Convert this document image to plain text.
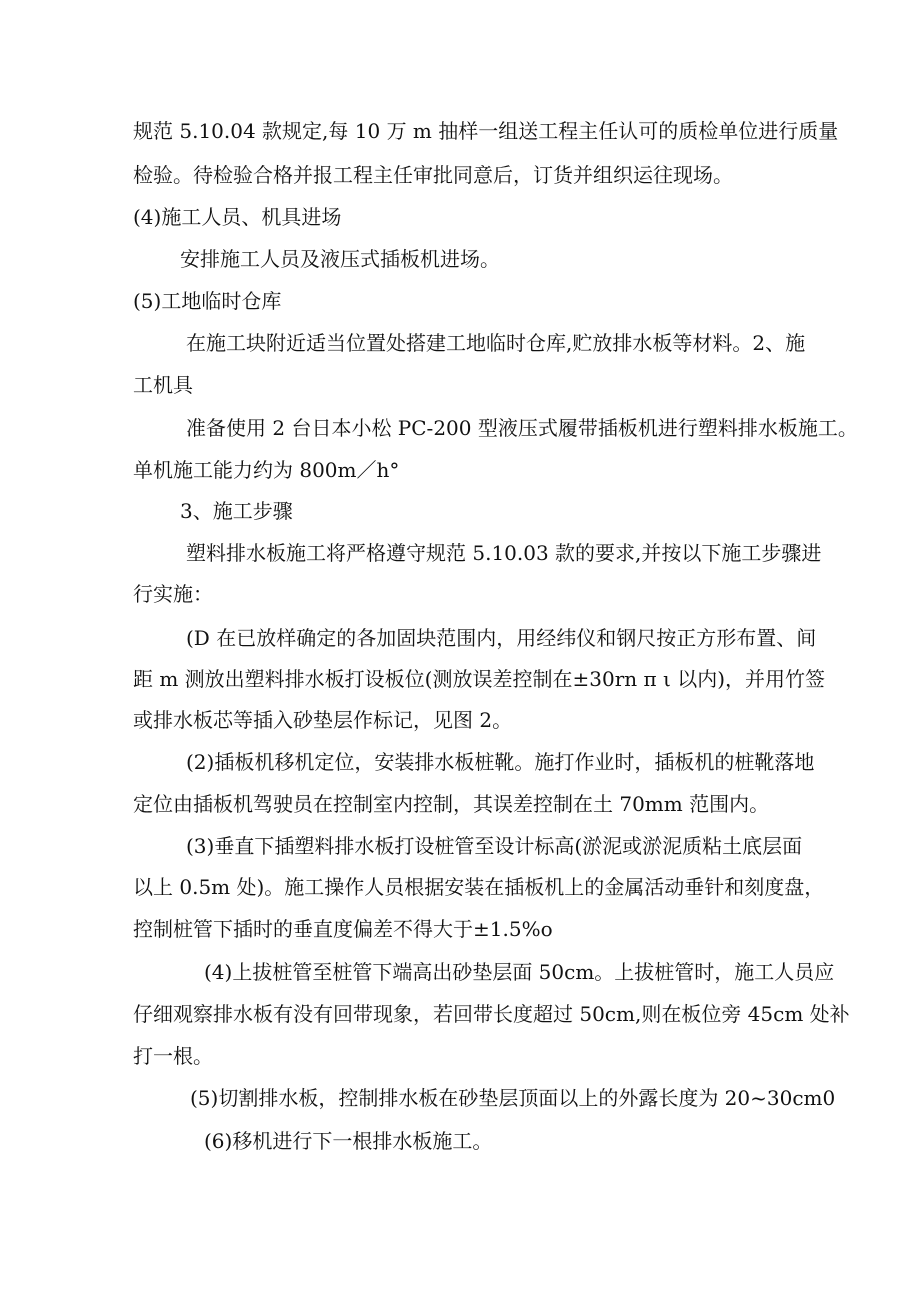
规范 5.10.04 款规定,每 10 万 m 抽样一组送工程主任认可的质检单位进行质量
检验。待检验合格并报工程主任审批同意后，订货并组织运往现场。
(4)施工人员、机具进场
安排施工人员及液压式插板机进场。
(5)工地临时仓库
在施工块附近适当位置处搭建工地临时仓库,贮放排水板等材料。2、施
工机具
准备使用 2 台日本小松 PC-200 型液压式履带插板机进行塑料排水板施工。
单机施工能力约为 800m／h°
3、施工步骤
塑料排水板施工将严格遵守规范 5.10.03 款的要求,并按以下施工步骤进
行实施：
(D 在已放样确定的各加固块范围内，用经纬仪和钢尺按正方形布置、间
距 m 测放出塑料排水板打设板位(测放误差控制在±30rn π ι 以内)，并用竹签
或排水板芯等插入砂垫层作标记，见图 2。
(2)插板机移机定位，安装排水板桩靴。施打作业时，插板机的桩靴落地
定位由插板机驾驶员在控制室内控制，其误差控制在土 70mm 范围内。
(3)垂直下插塑料排水板打设桩管至设计标高(淤泥或淤泥质粘土底层面
以上 0.5m 处)。施工操作人员根据安装在插板机上的金属活动垂针和刻度盘，
控制桩管下插时的垂直度偏差不得大于±1.5%o
(4)上拔桩管至桩管下端高出砂垫层面 50cm。上拔桩管时，施工人员应
仔细观察排水板有没有回带现象，若回带长度超过 50cm,则在板位旁 45cm 处补
打一根。
(5)切割排水板，控制排水板在砂垫层顶面以上的外露长度为 20~30cm0
(6)移机进行下一根排水板施工。
